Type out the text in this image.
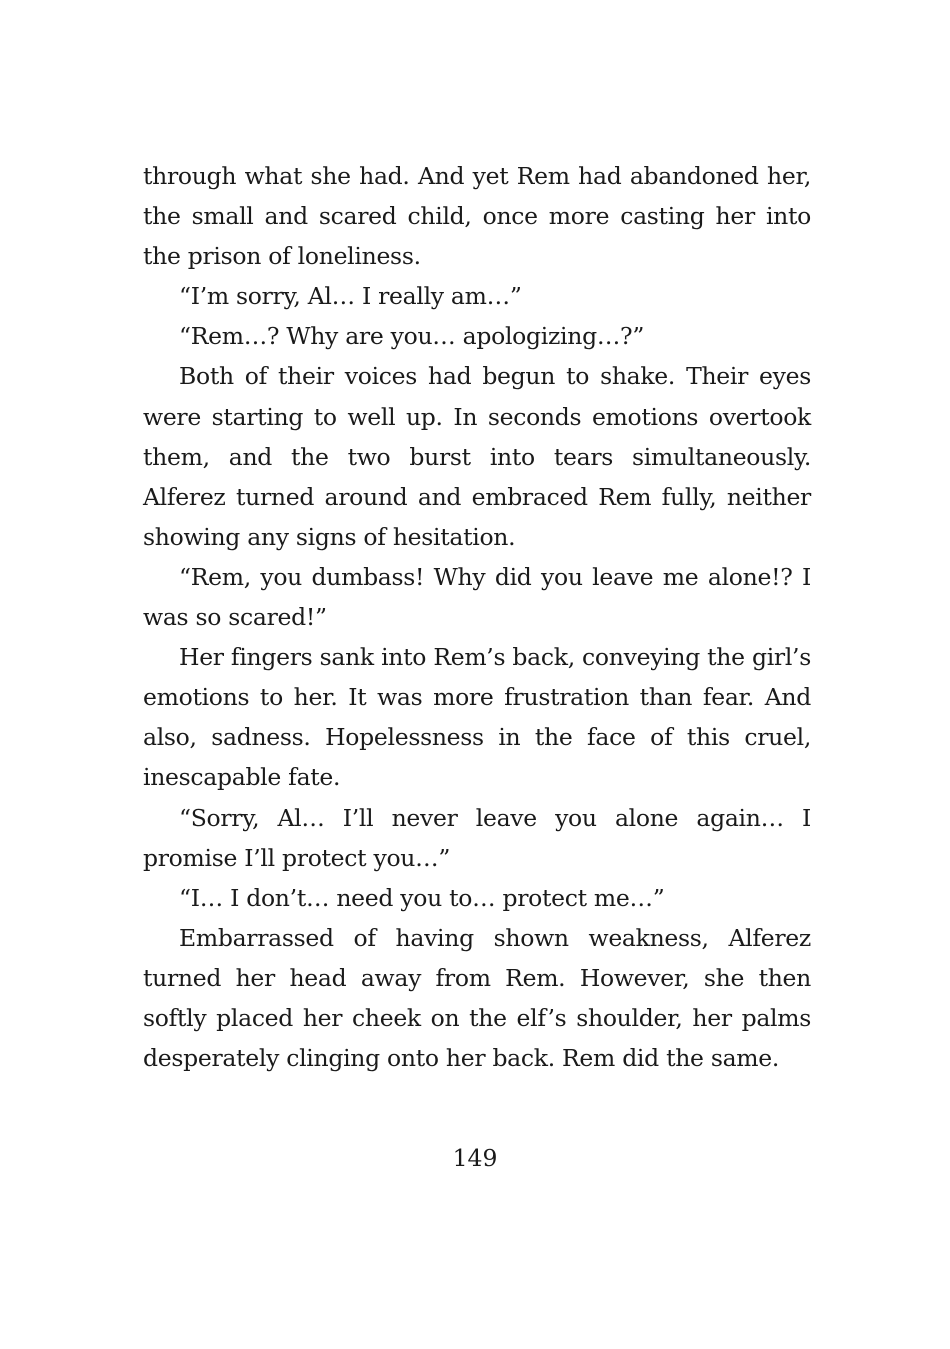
through what she had. And yet Rem had abandoned her, the small and scared child, once more casting her into the prison of loneliness.

“I’m sorry, Al… I really am…”

“Rem…? Why are you… apologizing…?”

Both of their voices had begun to shake. Their eyes were starting to well up. In seconds emotions overtook them, and the two burst into tears simultaneously. Alferez turned around and embraced Rem fully, neither showing any signs of hesitation.

“Rem, you dumbass! Why did you leave me alone!? I was so scared!”

Her fingers sank into Rem’s back, conveying the girl’s emotions to her. It was more frustration than fear. And also, sadness. Hopelessness in the face of this cruel, inescapable fate.

“Sorry, Al… I’ll never leave you alone again… I promise I’ll protect you…”

“I… I don’t… need you to… protect me…”

Embarrassed of having shown weakness, Alferez turned her head away from Rem. However, she then softly placed her cheek on the elf’s shoulder, her palms desperately clinging onto her back. Rem did the same.

149
